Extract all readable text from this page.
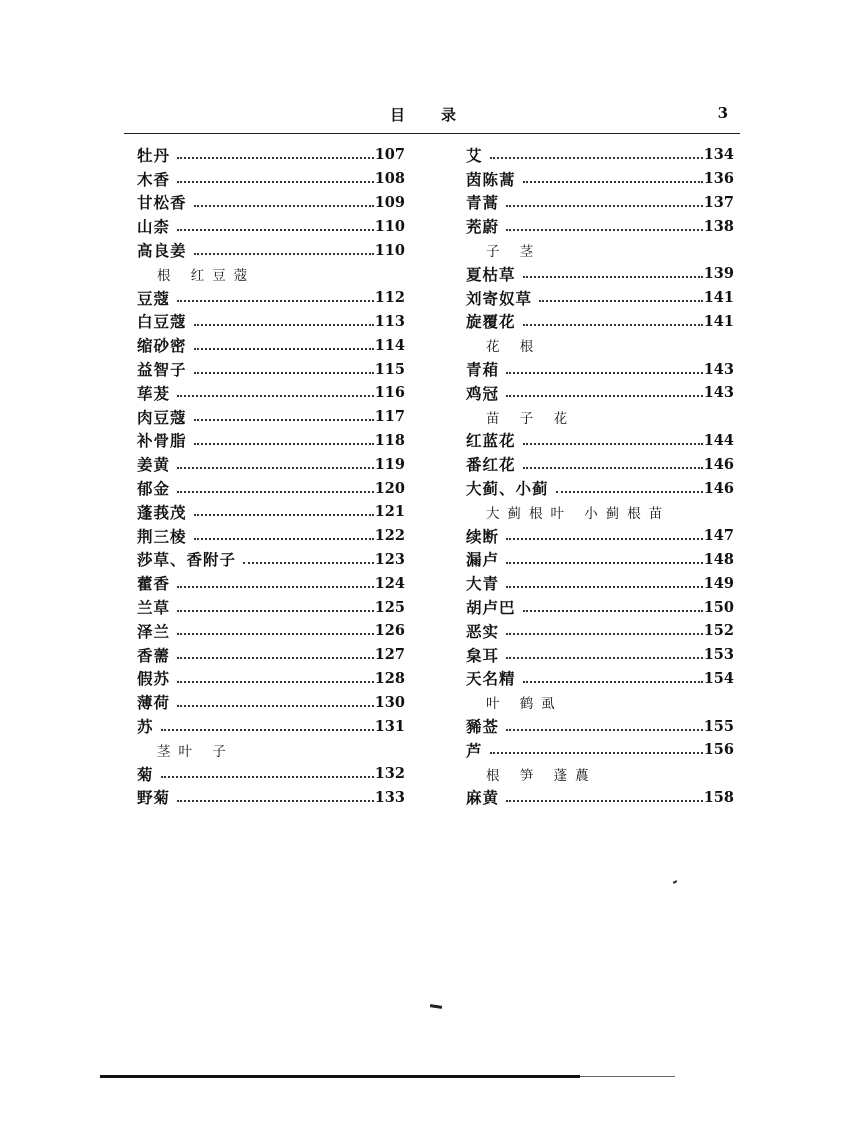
目录	3
牡丹	107
木香	108
甘松香	109
山柰	110
高良姜	110
根 红豆蔻
豆蔻	112
白豆蔻	113
缩砂密	114
益智子	115
荜茇	116
肉豆蔻	117
补骨脂	118
姜黄	119
郁金	120
蓬莪茂	121
荆三棱	122
莎草、香附子	123
藿香	124
兰草	125
泽兰	126
香薷	127
假苏	128
薄荷	130
苏	131
茎叶 子
菊	132
野菊	133
艾	134
茵陈蒿	136
青蒿	137
茺蔚	138
子 茎
夏枯草	139
刘寄奴草	141
旋覆花	141
花 根
青葙	143
鸡冠	143
苗 子 花
红蓝花	144
番红花	146
大蓟、小蓟	146
大蓟根叶 小蓟根苗
续断	147
漏卢	148
大青	149
胡卢巴	150
恶实	152
枲耳	153
天名精	154
叶 鹤虱
豨莶	155
芦	156
根 笋 蓬蕽
麻黄	158
